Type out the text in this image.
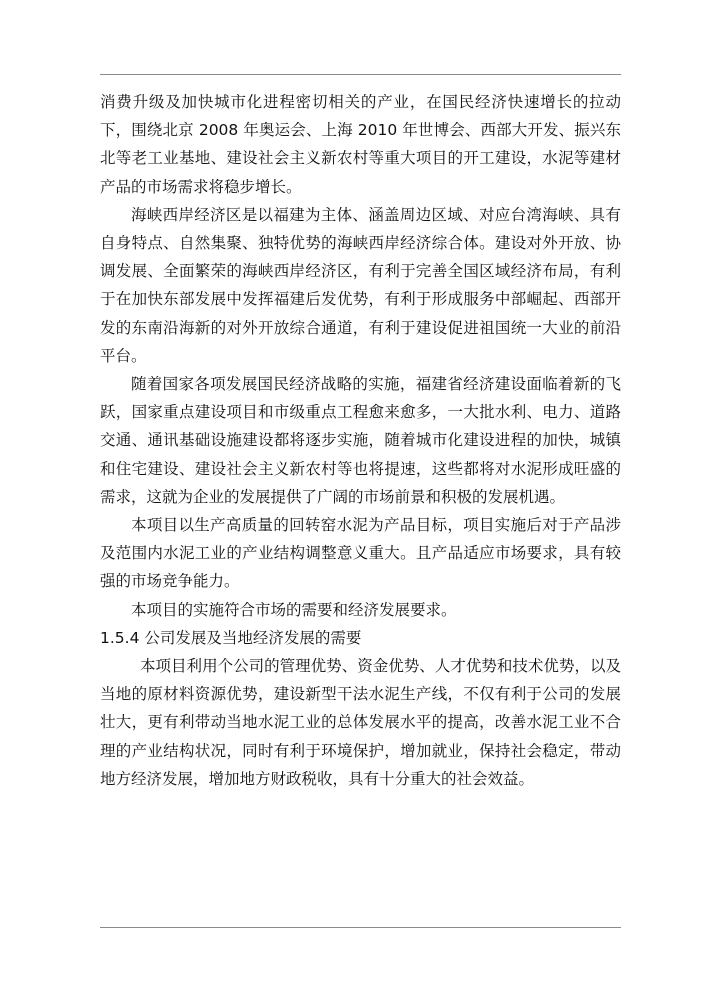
消费升级及加快城市化进程密切相关的产业，在国民经济快速增长的拉动下，围绕北京 2008 年奥运会、上海 2010 年世博会、西部大开发、振兴东北等老工业基地、建设社会主义新农村等重大项目的开工建设，水泥等建材产品的市场需求将稳步增长。

海峡西岸经济区是以福建为主体、涵盖周边区域、对应台湾海峡、具有自身特点、自然集聚、独特优势的海峡西岸经济综合体。建设对外开放、协调发展、全面繁荣的海峡西岸经济区，有利于完善全国区域经济布局，有利于在加快东部发展中发挥福建后发优势，有利于形成服务中部崛起、西部开发的东南沿海新的对外开放综合通道，有利于建设促进祖国统一大业的前沿平台。

随着国家各项发展国民经济战略的实施，福建省经济建设面临着新的飞跃，国家重点建设项目和市级重点工程愈来愈多，一大批水利、电力、道路交通、通讯基础设施建设都将逐步实施，随着城市化建设进程的加快，城镇和住宅建设、建设社会主义新农村等也将提速，这些都将对水泥形成旺盛的需求，这就为企业的发展提供了广阔的市场前景和积极的发展机遇。

本项目以生产高质量的回转窑水泥为产品目标，项目实施后对于产品涉及范围内水泥工业的产业结构调整意义重大。且产品适应市场要求，具有较强的市场竞争能力。

本项目的实施符合市场的需要和经济发展要求。

1.5.4 公司发展及当地经济发展的需要

本项目利用个公司的管理优势、资金优势、人才优势和技术优势，以及当地的原材料资源优势，建设新型干法水泥生产线，不仅有利于公司的发展壮大，更有利带动当地水泥工业的总体发展水平的提高，改善水泥工业不合理的产业结构状况，同时有利于环境保护，增加就业，保持社会稳定，带动地方经济发展，增加地方财政税收，具有十分重大的社会效益。
